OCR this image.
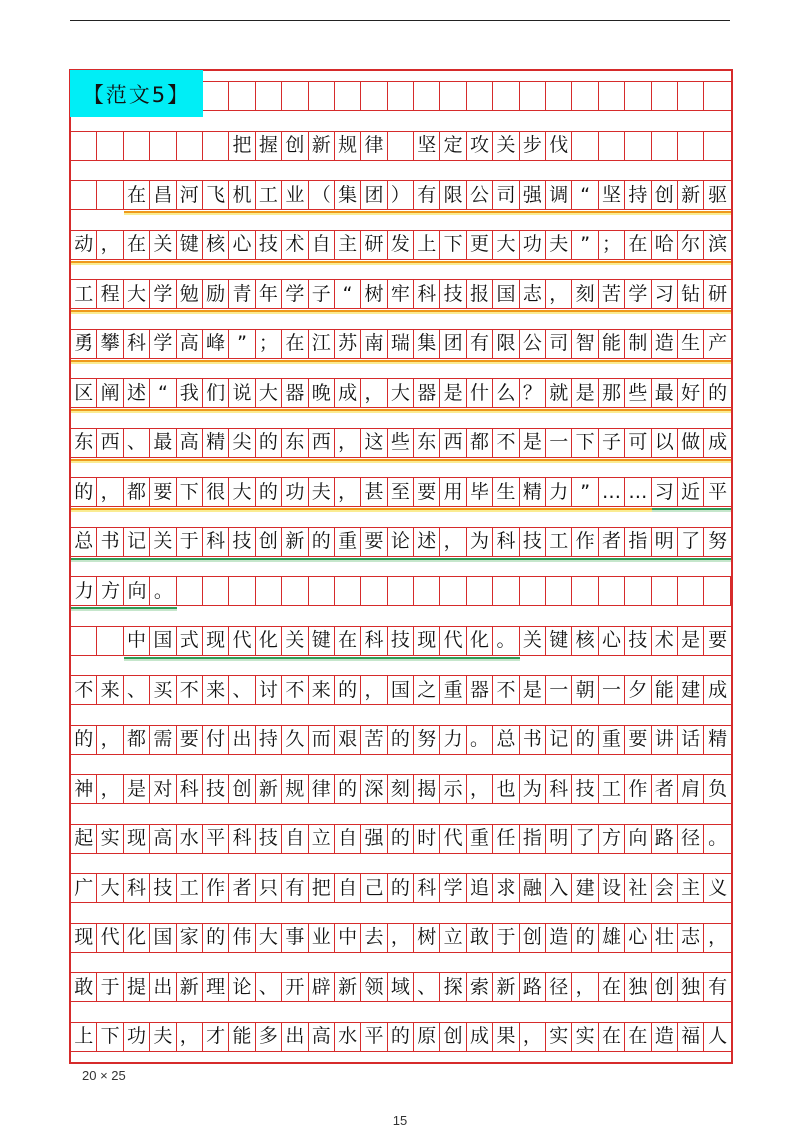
【范文5】
把 握 创 新 规 律 坚 定 攻 关 步 伐
在 昌 河 飞 机 工 业 （ 集 团 ） 有 限 公 司 强 调 “ 坚 持 创 新 驱
动 ， 在 关 键 核 心 技 术 自 主 研 发 上 下 更 大 功 夫 ” ； 在 哈 尔 滨
工 程 大 学 勉 励 青 年 学 子 “ 树 牢 科 技 报 国 志 ， 刻 苦 学 习 钻 研
勇 攀 科 学 高 峰 ” ； 在 江 苏 南 瑞 集 团 有 限 公 司 智 能 制 造 生 产
区 阐 述 “ 我 们 说 大 器 晚 成 ， 大 器 是 什 么 ？ 就 是 那 些 最 好 的
东 西 、 最 高 精 尖 的 东 西 ， 这 些 东 西 都 不 是 一 下 子 可 以 做 成
的 ， 都 要 下 很 大 的 功 夫 ， 甚 至 要 用 毕 生 精 力 ” … … 习 近 平
总 书 记 关 于 科 技 创 新 的 重 要 论 述 ， 为 科 技 工 作 者 指 明 了 努
力方向。
中 国 式 现 代 化 关 键 在 科 技 现 代 化 。 关 键 核 心 技 术 是 要
不 来 、 买 不 来 、 讨 不 来 的 ， 国 之 重 器 不 是 一 朝 一 夕 能 建 成
的 ， 都 需 要 付 出 持 久 而 艰 苦 的 努 力 。 总 书 记 的 重 要 讲 话 精
神 ， 是 对 科 技 创 新 规 律 的 深 刻 揭 示 ， 也 为 科 技 工 作 者 肩 负
起 实 现 高 水 平 科 技 自 立 自 强 的 时 代 重 任 指 明 了 方 向 路 径 。
广 大 科 技 工 作 者 只 有 把 自 己 的 科 学 追 求 融 入 建 设 社 会 主 义
现 代 化 国 家 的 伟 大 事 业 中 去 ， 树 立 敢 于 创 造 的 雄 心 壮 志 ，
敢 于 提 出 新 理 论 、 开 辟 新 领 域 、 探 索 新 路 径 ， 在 独 创 独 有
上 下 功 夫 ， 才 能 多 出 高 水 平 的 原 创 成 果 ， 实 实 在 在 造 福 人
20 × 25
15
